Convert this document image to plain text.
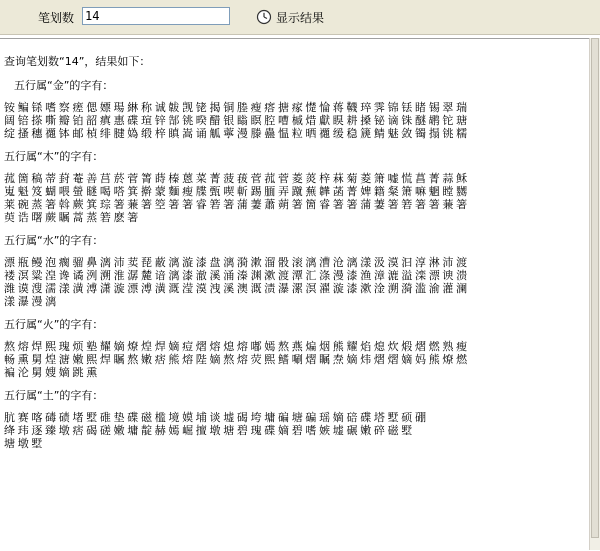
笔划数
14	显示结果
查询笔划数“14”，结果如下：
五行属“金”的字有：
铵鳊铩嗜察瘥偲嫖瑒綝称诚韍觊铑揭铜塍瘦瘩搪瘃憷惀蒋韈琗霁锦铥睹锡翠瑞
阔锫搽嘶瓣铂韶瘨惠碟瑄锌郜铫暌醋银瞈瞑腔嘈槭焟獻瞁耕搡铋谪铢醚鹕铊瑭
绽搔穗禵钵邮楨绯腱媯缎梓瞋嵩诵觚薴漫滕蠱愠粒晒禵缓稳篪鲭魅敛镯搨铫糯
五行属“木”的字有：
菰箇稿蒂葑菴善莒菸菅箐蒔榛蒽菜菁菠菝菅菰菅菱菼梓菻菊菱箫嘘慌菖菁蒜稣
嵬魁笈蝴喂螢瞇喝嗒箕擀蒙麵瘦牒甄喫斬踢腼弄蹴蕪韡菡菁婢籍粲箫嘛魍瞠嬲
莱碗蒸箸斡蕨箕琮箸蒹箸箜箸箸睿箬箸蒲萋蕭蒴箸箇睿箸箸蒲萋箸箬箸箸蒹箸
萸诰曙蕨瞩蒿蒸箬麽箸
五行属“水”的字有：
漂瓶鳗泡瘸骝鼻漓沛荬琵蔽漓漩漆盘漓漪漱溜骰滚漓漕沧漓漾汲漠汩淳淋沛渡
褛溟粱湟谗谲洌溯淮潺麓谙漓漆澈溪涌溱渊漱渡潭汇涤漫漆渔漳漉溢滦漂谀溃
潍谟溲濡漾潢溥潇漩漂溥潢溉滢漠洩溪澳溉渍瀑漯溟濯漩漆漱淦溯漪滥渝灌澜
漾瀑漫漓
五行属“火”的字有：
熬熔焊熙瑰烦塾耀嫡燎煌焊嫡痘熠熔熄熔嘟嫣熬燕煸烟熊耀焰熄炊煅熠燃熟瘦
畅熏舅煌溏嫩熙焊瞩熬嫩痞熊熔陛嫡熬熔荧熙鳍唰熠瞩焘嫡炜熠熠嫡妈熊燎燃
褊沦舅嫂嫡跳熏
五行属“土”的字有：
肮赛喀碡碛堵墅碓垫碟磁槛境嫫埔谈墟碣垮墉碥塘碥瑶嫡碚碟塔墅硕硼
绛玮逐臻墩痞碣磋嫩墉靛赫嫣崛擅墩塘碧瑰碟嫡碧嗜嫉墟碾嫩碎磁墅
塘墩墅
